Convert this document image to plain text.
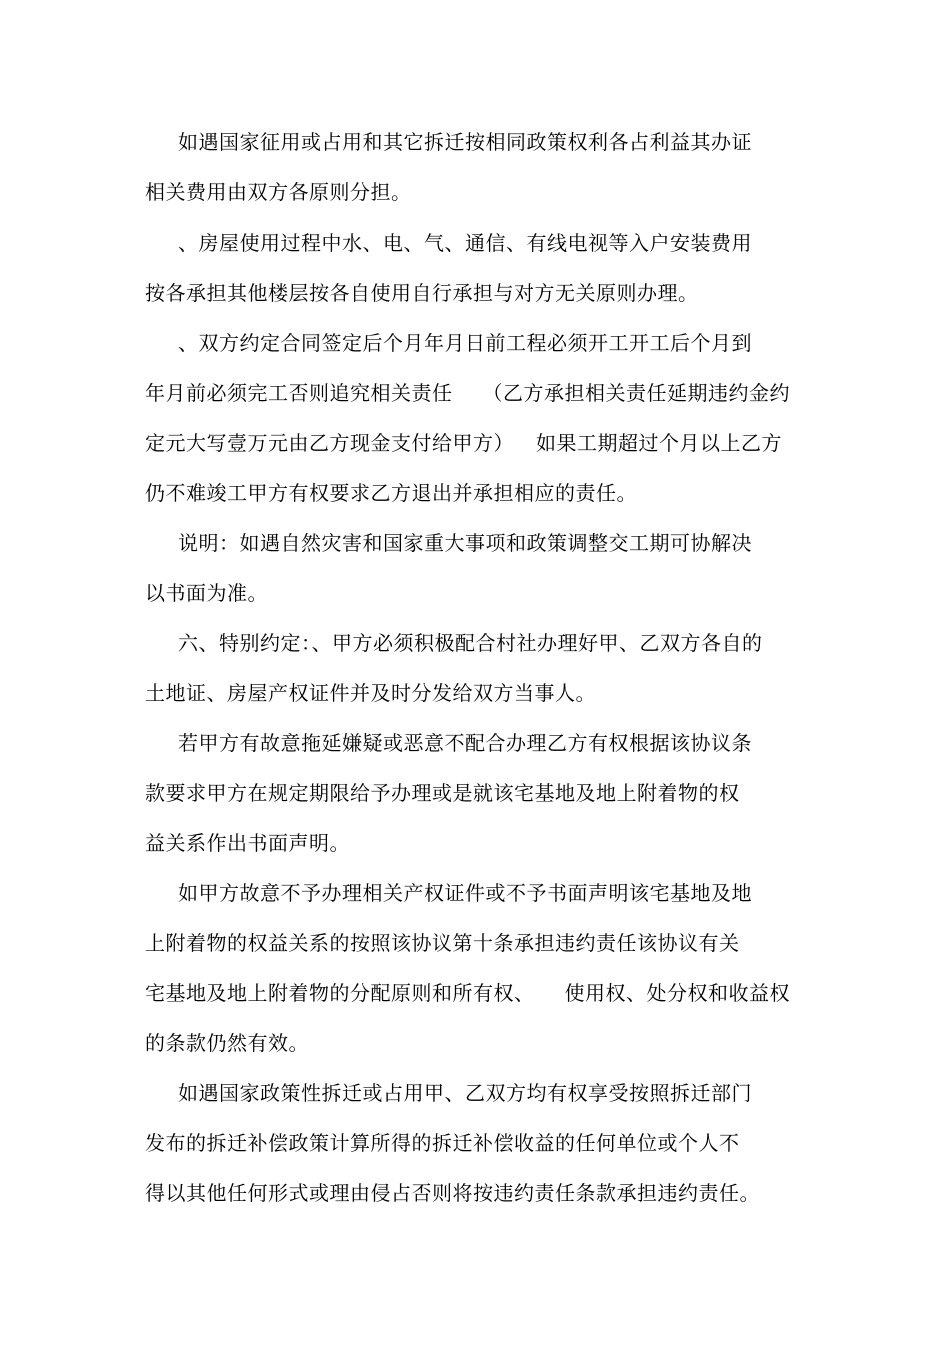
如遇国家征用或占用和其它拆迁按相同政策权利各占利益其办证
相关费用由双方各原则分担。
、房屋使用过程中水、电、气、通信、有线电视等入户安装费用
按各承担其他楼层按各自使用自行承担与对方无关原则办理。
、双方约定合同签定后个月年月日前工程必须开工开工后个月到
年月前必须完工否则追究相关责任 （乙方承担相关责任延期违约金约
定元大写壹万元由乙方现金支付给甲方） 如果工期超过个月以上乙方
仍不难竣工甲方有权要求乙方退出并承担相应的责任。
说明：如遇自然灾害和国家重大事项和政策调整交工期可协解决
以书面为准。
六、特别约定：、甲方必须积极配合村社办理好甲、乙双方各自的
土地证、房屋产权证件并及时分发给双方当事人。
若甲方有故意拖延嫌疑或恶意不配合办理乙方有权根据该协议条
款要求甲方在规定期限给予办理或是就该宅基地及地上附着物的权
益关系作出书面声明。
如甲方故意不予办理相关产权证件或不予书面声明该宅基地及地
上附着物的权益关系的按照该协议第十条承担违约责任该协议有关
宅基地及地上附着物的分配原则和所有权、 使用权、处分权和收益权
的条款仍然有效。
如遇国家政策性拆迁或占用甲、乙双方均有权享受按照拆迁部门
发布的拆迁补偿政策计算所得的拆迁补偿收益的任何单位或个人不
得以其他任何形式或理由侵占否则将按违约责任条款承担违约责任。
